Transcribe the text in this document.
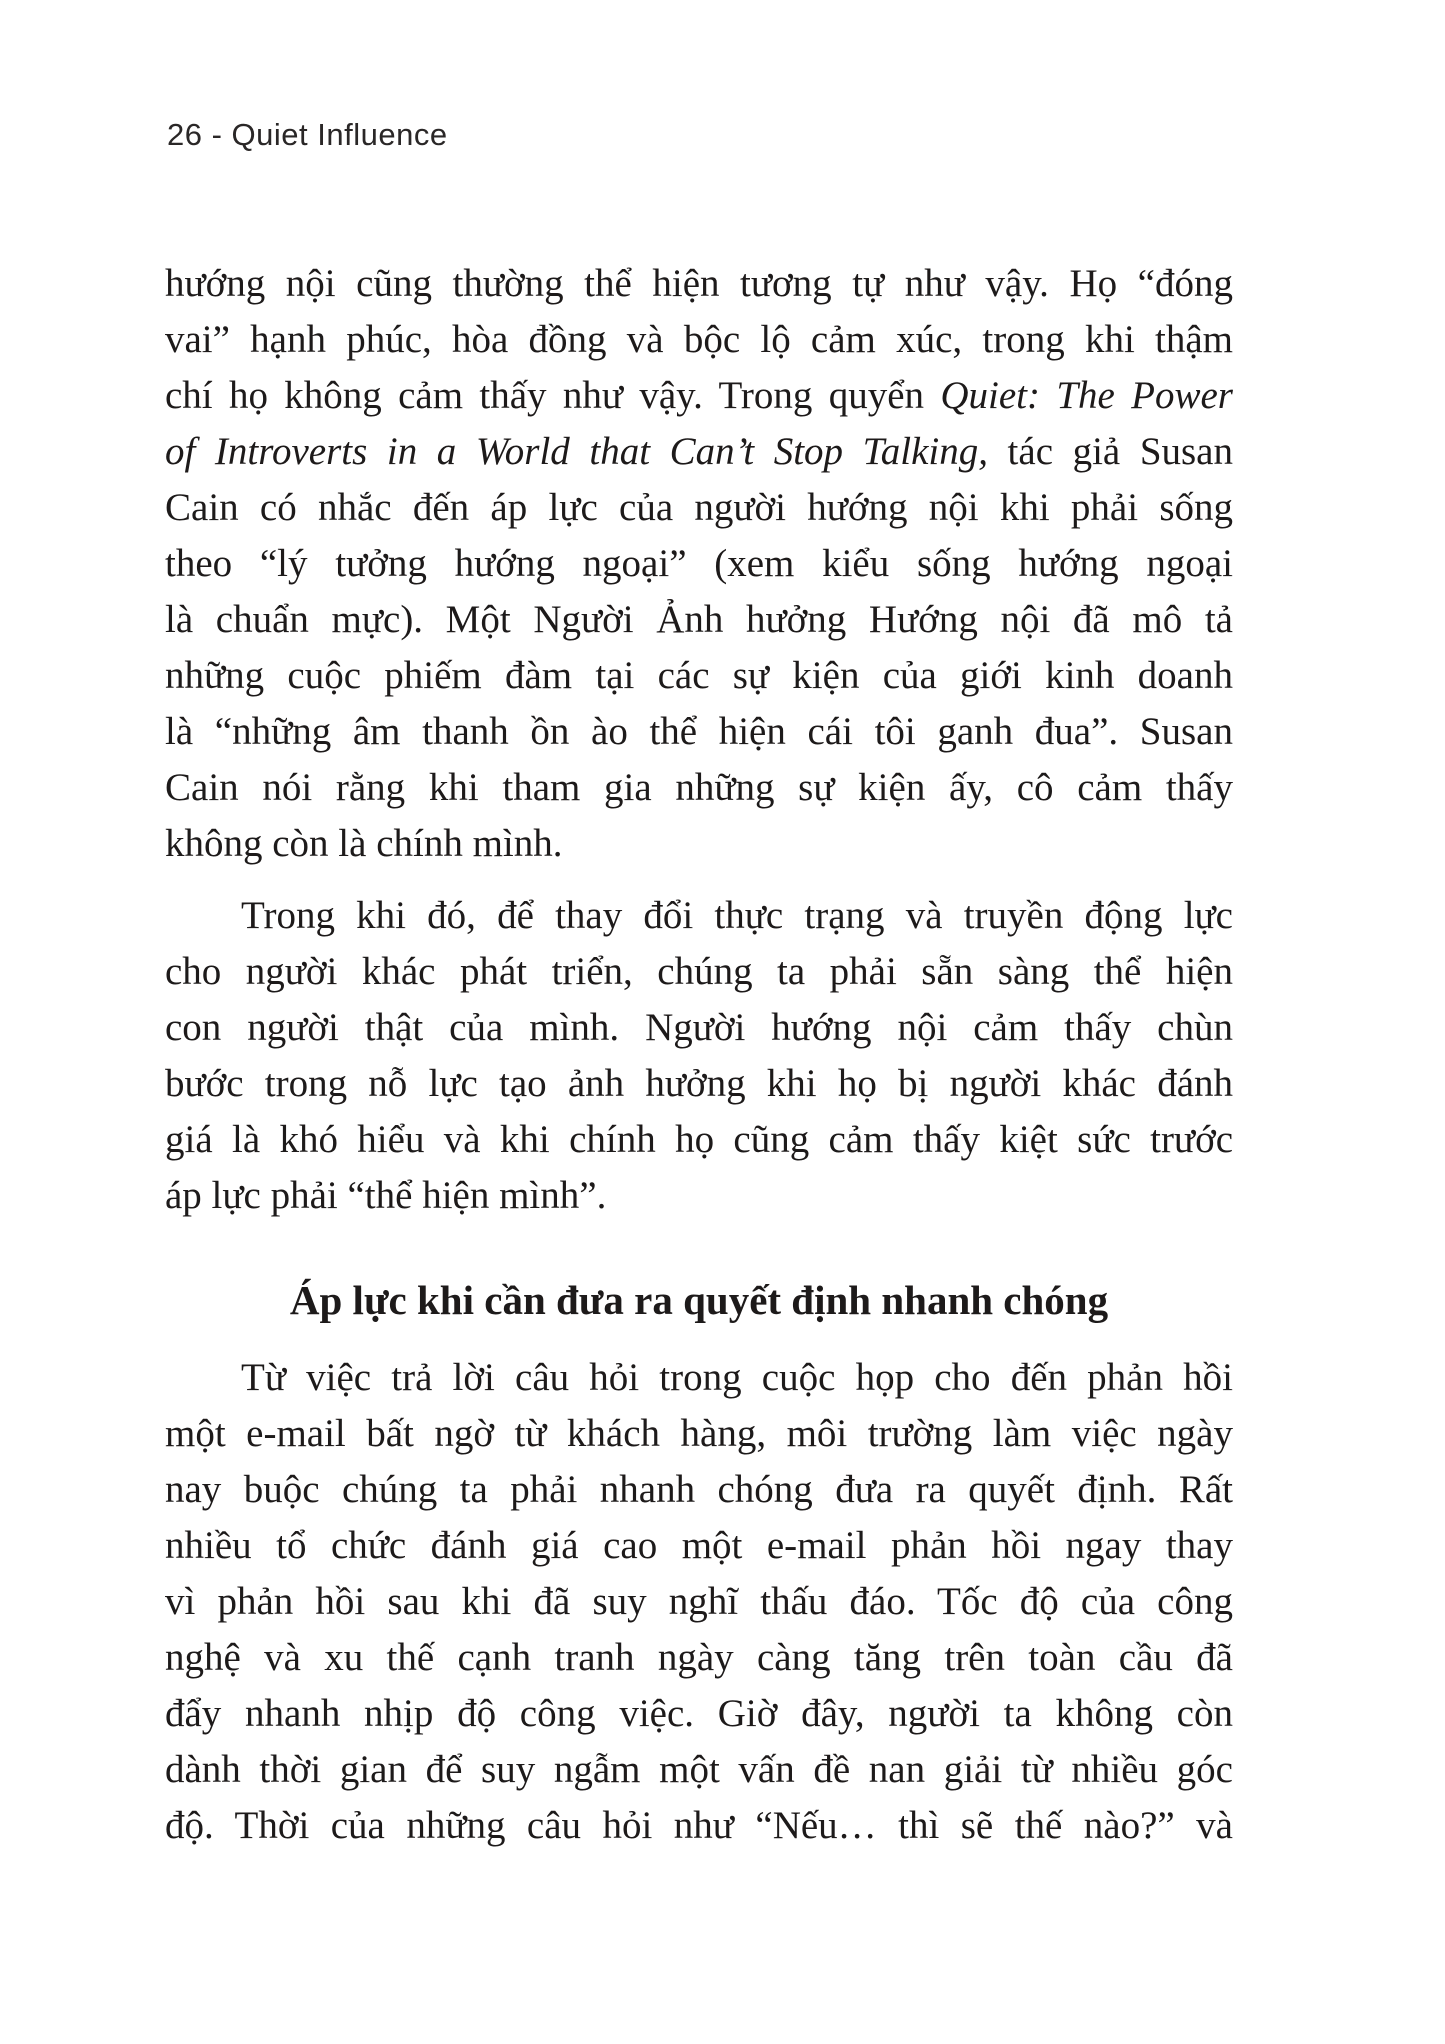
26 - Quiet Influence
hướng nội cũng thường thể hiện tương tự như vậy. Họ “đóng
vai” hạnh phúc, hòa đồng và bộc lộ cảm xúc, trong khi thậm
chí họ không cảm thấy như vậy. Trong quyển Quiet: The Power
of Introverts in a World that Can’t Stop Talking, tác giả Susan
Cain có nhắc đến áp lực của người hướng nội khi phải sống
theo “lý tưởng hướng ngoại” (xem kiểu sống hướng ngoại
là chuẩn mực). Một Người Ảnh hưởng Hướng nội đã mô tả
những cuộc phiếm đàm tại các sự kiện của giới kinh doanh
là “những âm thanh ồn ào thể hiện cái tôi ganh đua”. Susan
Cain nói rằng khi tham gia những sự kiện ấy, cô cảm thấy
không còn là chính mình.
Trong khi đó, để thay đổi thực trạng và truyền động lực
cho người khác phát triển, chúng ta phải sẵn sàng thể hiện
con người thật của mình. Người hướng nội cảm thấy chùn
bước trong nỗ lực tạo ảnh hưởng khi họ bị người khác đánh
giá là khó hiểu và khi chính họ cũng cảm thấy kiệt sức trước
áp lực phải “thể hiện mình”.
Áp lực khi cần đưa ra quyết định nhanh chóng
Từ việc trả lời câu hỏi trong cuộc họp cho đến phản hồi
một e-mail bất ngờ từ khách hàng, môi trường làm việc ngày
nay buộc chúng ta phải nhanh chóng đưa ra quyết định. Rất
nhiều tổ chức đánh giá cao một e-mail phản hồi ngay thay
vì phản hồi sau khi đã suy nghĩ thấu đáo. Tốc độ của công
nghệ và xu thế cạnh tranh ngày càng tăng trên toàn cầu đã
đẩy nhanh nhịp độ công việc. Giờ đây, người ta không còn
dành thời gian để suy ngẫm một vấn đề nan giải từ nhiều góc
độ. Thời của những câu hỏi như “Nếu… thì sẽ thế nào?” và
